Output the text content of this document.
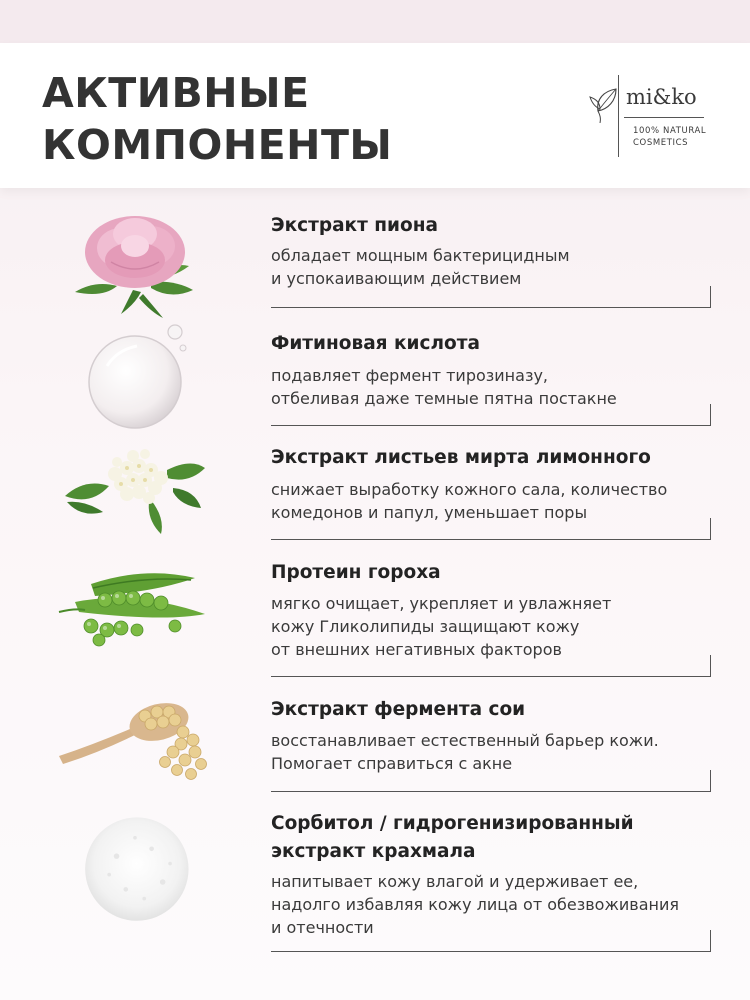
АКТИВНЫЕ
КОМПОНЕНТЫ
mi&ko
100% NATURAL
COSMETICS
Экстракт пиона
обладает мощным бактерицидным
и успокаивающим действием
Фитиновая кислота
подавляет фермент тирозиназу,
отбеливая даже темные пятна постакне
Экстракт листьев мирта лимонного
снижает выработку кожного сала, количество
комедонов и папул, уменьшает поры
Протеин гороха
мягко очищает, укрепляет и увлажняет
кожу Гликолипиды защищают кожу
от внешних негативных факторов
Экстракт фермента сои
восстанавливает естественный барьер кожи.
Помогает справиться с акне
Сорбитол / гидрогенизированный
экстракт крахмала
напитывает кожу влагой и удерживает ее,
надолго избавляя кожу лица от обезвоживания
и отечности
